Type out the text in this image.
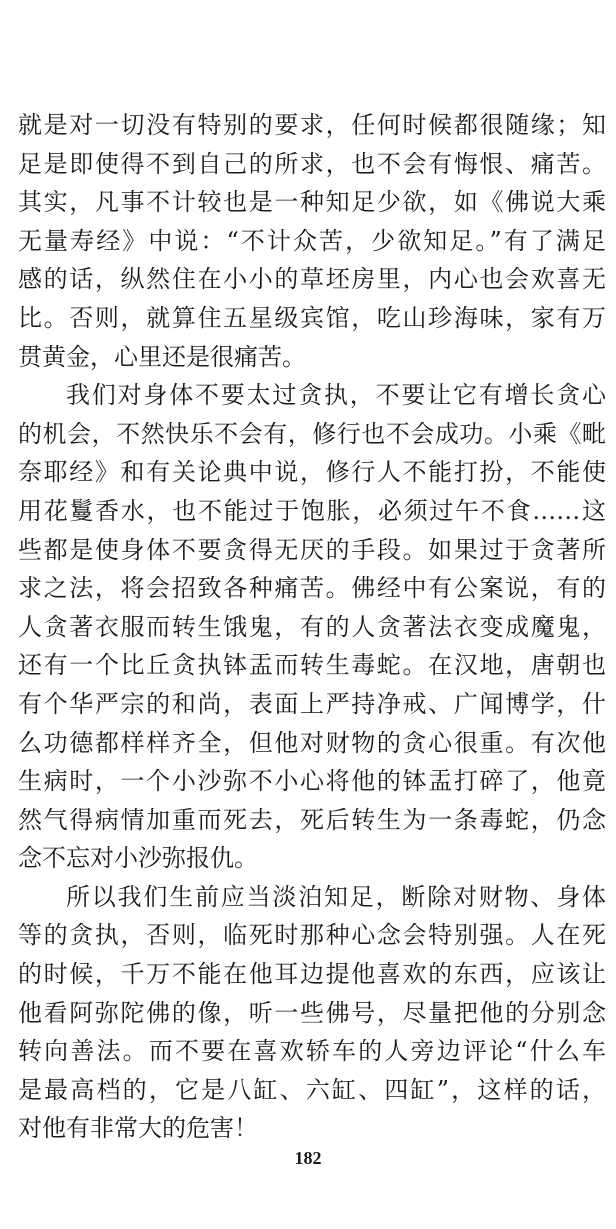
就是对一切没有特别的要求，任何时候都很随缘；知
足是即使得不到自己的所求，也不会有悔恨、痛苦。
其实，凡事不计较也是一种知足少欲，如《佛说大乘
无量寿经》中说：“不计众苦，少欲知足。”有了满足
感的话，纵然住在小小的草坯房里，内心也会欢喜无
比。否则，就算住五星级宾馆，吃山珍海味，家有万
贯黄金，心里还是很痛苦。
我们对身体不要太过贪执，不要让它有增长贪心
的机会，不然快乐不会有，修行也不会成功。小乘《毗
奈耶经》和有关论典中说，修行人不能打扮，不能使
用花鬘香水，也不能过于饱胀，必须过午不食……这
些都是使身体不要贪得无厌的手段。如果过于贪著所
求之法，将会招致各种痛苦。佛经中有公案说，有的
人贪著衣服而转生饿鬼，有的人贪著法衣变成魔鬼，
还有一个比丘贪执钵盂而转生毒蛇。在汉地，唐朝也
有个华严宗的和尚，表面上严持净戒、广闻博学，什
么功德都样样齐全，但他对财物的贪心很重。有次他
生病时，一个小沙弥不小心将他的钵盂打碎了，他竟
然气得病情加重而死去，死后转生为一条毒蛇，仍念
念不忘对小沙弥报仇。
所以我们生前应当淡泊知足，断除对财物、身体
等的贪执，否则，临死时那种心念会特别强。人在死
的时候，千万不能在他耳边提他喜欢的东西，应该让
他看阿弥陀佛的像，听一些佛号，尽量把他的分别念
转向善法。而不要在喜欢轿车的人旁边评论“什么车
是最高档的，它是八缸、六缸、四缸”，这样的话，
对他有非常大的危害！
182
